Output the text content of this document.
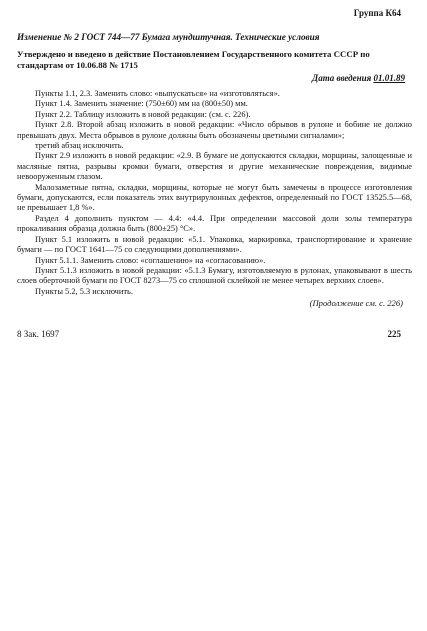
Группа К64
Изменение № 2 ГОСТ 744—77 Бумага мундштучная. Технические условия
Утверждено и введено в действие Постановлением Государственного комитета СССР по стандартам от 10.06.88 № 1715
Дата введения 01.01.89

Пункты 1.1, 2.3. Заменить слово: «выпускаться» на «изготовляться».

Пункт 1.4. Заменить значение: (750±60) мм на (800±50) мм.

Пункт 2.2. Таблицу изложить в новой редакции: (см. с. 226).

Пункт 2.8. Второй абзац изложить в новой редакции: «Число обрывов в рулоне и бобине не должно превышать двух. Места обрывов в рулоне должны быть обозначены цветными сигналами»;

третий абзац исключить.

Пункт 2.9 изложить в новой редакции: «2.9. В бумаге не допускаются складки, морщины, залощенные и масляные пятна, разрывы кромки бумаги, отверстия и другие механические повреждения, видимые невооруженным глазом.

Малозаметные пятна, складки, морщины, которые не могут быть замечены в процессе изготовления бумаги, допускаются, если показатель этих внутрирулонных дефектов, определенный по ГОСТ 13525.5—68, не превышает 1,8 %».

Раздел 4 дополнить пунктом — 4.4: «4.4. При определении массовой доли золы температура прокаливания образца должна быть (800±25) °С».

Пункт 5.1 изложить в новой редакции: «5.1. Упаковка, маркировка, транспортирование и хранение бумаги — по ГОСТ 1641—75 со следующими дополнениями».

Пункт 5.1.1. Заменить слово: «соглашению» на «согласованию».

Пункт 5.1.3 изложить в новой редакции: «5.1.3 Бумагу, изготовляемую в рулонах, упаковывают в шесть слоев оберточной бумаги по ГОСТ 8273—75 со сплошной склейкой не менее четырех верхних слоев».

Пункты 5.2, 5.3 исключить.

(Продолжение см. с. 226)
8 Зак. 1697	225
